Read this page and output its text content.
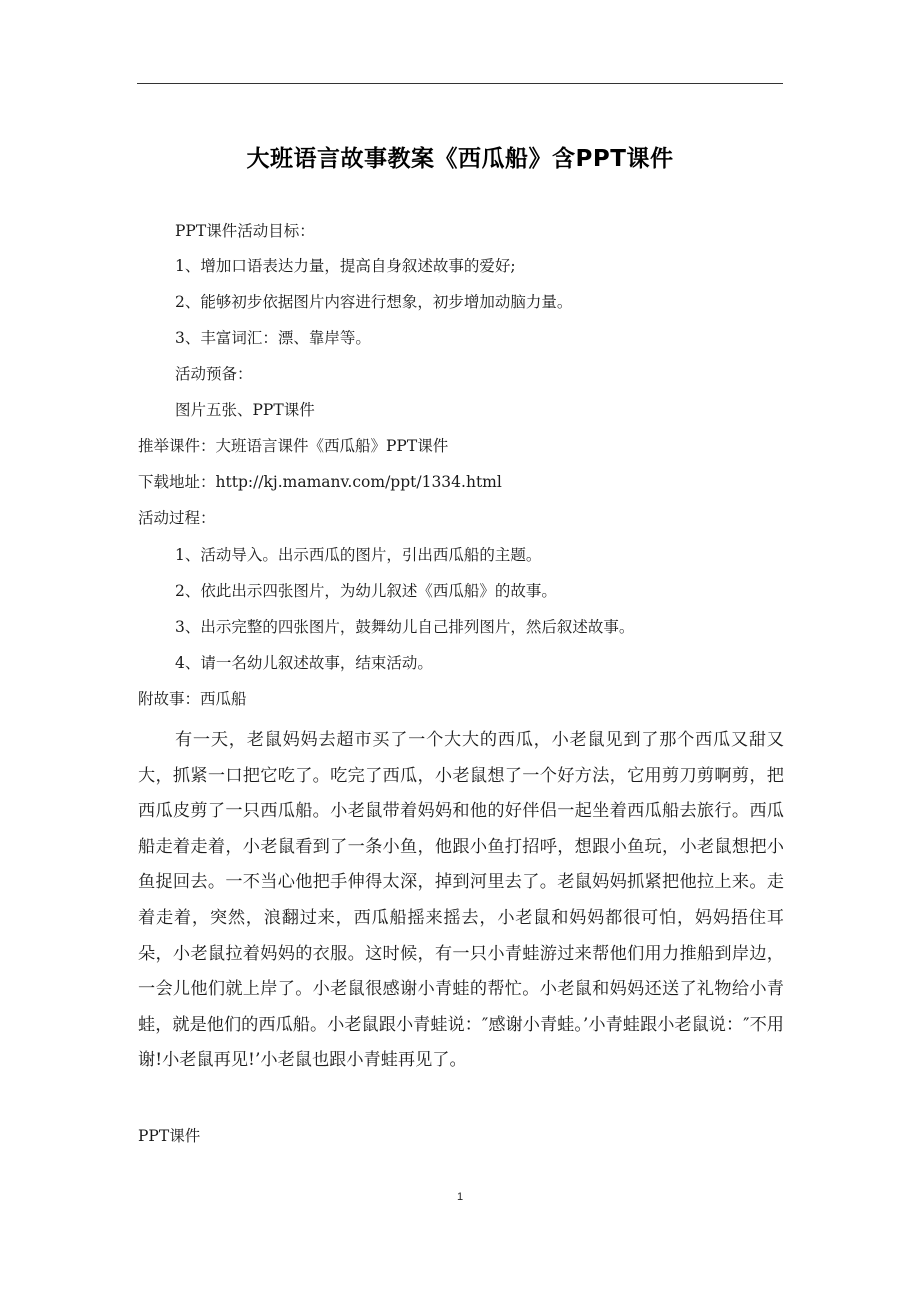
大班语言故事教案《西瓜船》含PPT课件
PPT课件活动目标：
1、增加口语表达力量，提高自身叙述故事的爱好;
2、能够初步依据图片内容进行想象，初步增加动脑力量。
3、丰富词汇：漂、靠岸等。
活动预备：
图片五张、PPT课件
推举课件：大班语言课件《西瓜船》PPT课件
下载地址：http://kj.mamanv.com/ppt/1334.html
活动过程：
1、活动导入。出示西瓜的图片，引出西瓜船的主题。
2、依此出示四张图片，为幼儿叙述《西瓜船》的故事。
3、出示完整的四张图片，鼓舞幼儿自己排列图片，然后叙述故事。
4、请一名幼儿叙述故事，结束活动。
附故事：西瓜船
有一天，老鼠妈妈去超市买了一个大大的西瓜，小老鼠见到了那个西瓜又甜又大，抓紧一口把它吃了。吃完了西瓜，小老鼠想了一个好方法，它用剪刀剪啊剪，把西瓜皮剪了一只西瓜船。小老鼠带着妈妈和他的好伴侣一起坐着西瓜船去旅行。西瓜船走着走着，小老鼠看到了一条小鱼，他跟小鱼打招呼，想跟小鱼玩，小老鼠想把小鱼捉回去。一不当心他把手伸得太深，掉到河里去了。老鼠妈妈抓紧把他拉上来。走着走着，突然，浪翻过来，西瓜船摇来摇去，小老鼠和妈妈都很可怕，妈妈捂住耳朵，小老鼠拉着妈妈的衣服。这时候，有一只小青蛙游过来帮他们用力推船到岸边，一会儿他们就上岸了。小老鼠很感谢小青蛙的帮忙。小老鼠和妈妈还送了礼物给小青蛙，就是他们的西瓜船。小老鼠跟小青蛙说：″感谢小青蛙。’小青蛙跟小老鼠说：″不用谢!小老鼠再见!’小老鼠也跟小青蛙再见了。
PPT课件
1
